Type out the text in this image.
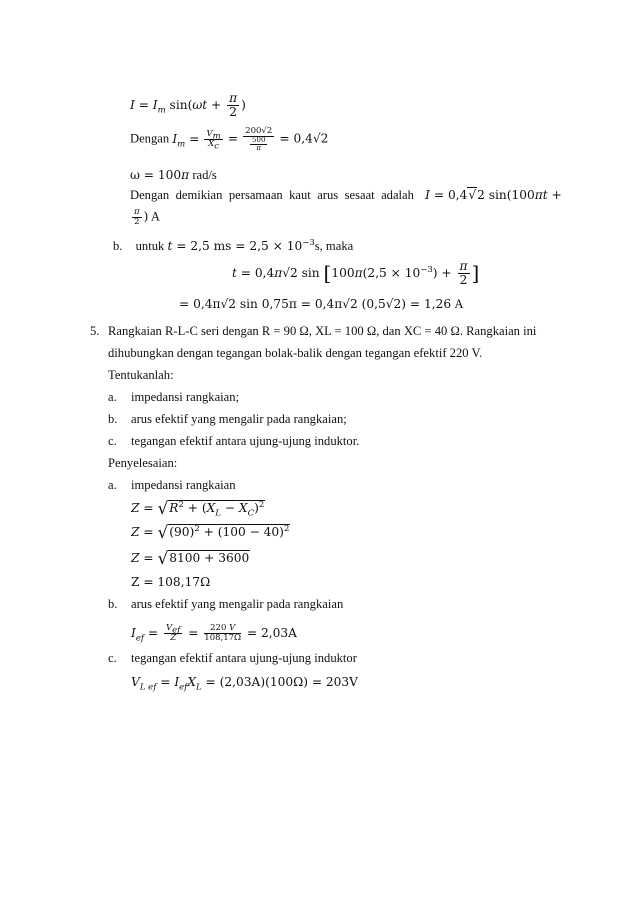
$I = I_m$ $\sin(\omega t + \frac{\pi}{2}$ )
Dengan $I_m = \frac{V_m}{X_c} = \frac{200√2}{\frac{500}{\pi}} = 0,4√2$
ω = 100π rad/s
Dengan demikian persamaan kaut arus sesaat adalah I = 0,4√2 sin(100πt +
$\frac{\pi}{2}$ ) A
b. untuk t = 2,5 ms = $2,5 \times 10^{-3}s$, maka
t = 0,4π√2 $\sin [100\pi(2,5 \times 10^{-3}) + \frac{\pi}{2}$ ]
= 0,4π√2 sin 0,75π = 0,4π√2 (0,5√2) = 1,26 A
5. Rangkaian R-L-C seri dengan R = 90 Ω, XL = 100 Ω, dan XC = 40 Ω. Rangkaian ini
dihubungkan dengan tegangan bolak-balik dengan tegangan efektif 220 V.
Tentukanlah:
a. impedansi rangkaian;
b. arus efektif yang mengalir pada rangkaian;
c. tegangan efektif antara ujung-ujung induktor.
Penyelesaian:
a. impedansi rangkaian
$Z = √R^2 + (X_L - X_C)^2$
$Z = √(90)^2 + (100 - 40)^2$
Z = √8100 + 3600
Z = 108,17Ω
b. arus efektif yang mengalir pada rangkaian
$I_{ef} = V_{ef}$
$Z = \frac{220 V}{108,17\Omega} = 2,03A$
c. tegangan efektif antara ujung-ujung induktor
$V_{L ef} = I_{ef}X_L = (2,03A)(100\Omega) = 203V$
